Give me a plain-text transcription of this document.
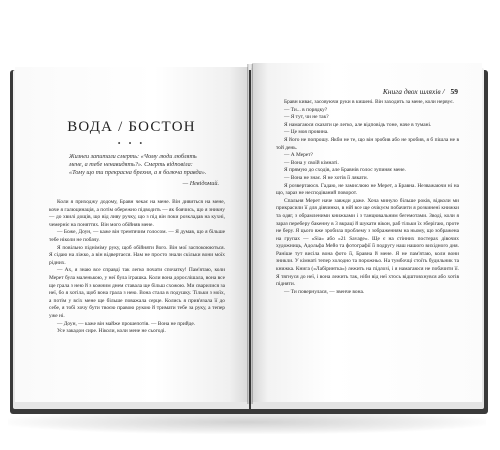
ВОДА / БОСТОН
• • •

Жизнеи запитали смерть: «Чому люди люблять

мене, а тебе ненавидять?». Смерть відповіла:

«Тому що ти прекрасна брехня, а я болюча правда».

— Невідомий.

Коли я приходжу додому, Бравн чекає на мене. Він дивиться на мене, коче я галюцинація, а потім обережно підводить — як боячись, що я зникну — до хвилі дощів, що від ливу ручку, що з під він поки розкладав на кухні, чемерніє на поняттях. Він мого обійняв мене.

— Боже, Доун, — каже він тремтячим голосом. — Я думав, що я більше тебе ніколи не побачу.

Я повільно підніміму руку, щоб обійняти його. Він мої заспокоюються. Я сідаю на ліжко, а він відвертаєся. Нам не просто знали скільки вони моїх рідних.

— Ах, я знаю все справді так легко почати спочатку! Пам'ятаю, коли Мерет була маленькою, у неї була іграшка. Коли вона дорослішала, вона все ще грала з нею й з кожним днем ставала ще більш схожою. Ми сварилися за неї, бо я хотіла, щоб вона грала з нею. Вона стала в подушку. Тільки з моїх, а потім у всіх мене ще більше поважала серце. Колись я прив'язала її до себе, я тобі хочу бути твоєю правою рукою й тримати тебе за руку, а тепер уже ні.

— Доун, — каже він майже прошепотів. — Вона не прийде.

Усе закадон сире. Ніколи, коли мене не сьогоді.

Книга двох шляхів / 59

Бравн киває, засовуючи руки в кишені. Він заходить за мене, коли нервує.

— Ти... в порядку?

— Я тут, чи не так?

Я намагаюся сказати це легко, але відповідь тоне, наче в тумані.

— Це моя провина.

Я його не попрошу. Якби не те, що він зробив або не зробив, я б пішла не в той день.

— А Мерет?

— Вона у своїй кімнаті.

Я прямую до сходів, але Бравнів голос зупиняє мене.

— Вона не знає. Я не хотів її лякати.

Я розвертаюся. Гадаю, не замислюю не Мерет, а Бравна. Незважаючи ні на що, зараз не несподіваний поворот.

Спальня Мерет наче завжди даже. Хоча минуло більше років, відколи ми прикрасили її для дівчинки, в ній все ще очікуєм побачити я розкинені книжки та одяг, з обрамленими книжками і з танцювальним бегемотами. Зводі, коли я зараз переберу бакенну в 3 вкраці й шукати вікон, раб тільки їх зберігаю, проте не беру. Я цього вже зробила проблему з зображенням на ньому, що зображена на групах — «Sia» або «21 Savage». Ще є на стінних постерах дівочих художниць, Адольфа Мейо та фотографії її подругу наш нашого вихідного дня. Раніше тут висіла вона фото її, Бравна й мене. Я не пам'ятаю, коли вони зникли. У кімнаті тепер холодно та порожньо. На тумбочці стоїть будильник та книжка. Книга («Лабіринтка») лежить на підлозі, і я намагаюся не побачити її. Я тягнуся до неї, і вона лежить так, ніби від неї хтось відштовхнувся або хотів підняти.

— Ти повернулася, — звенче вона.
